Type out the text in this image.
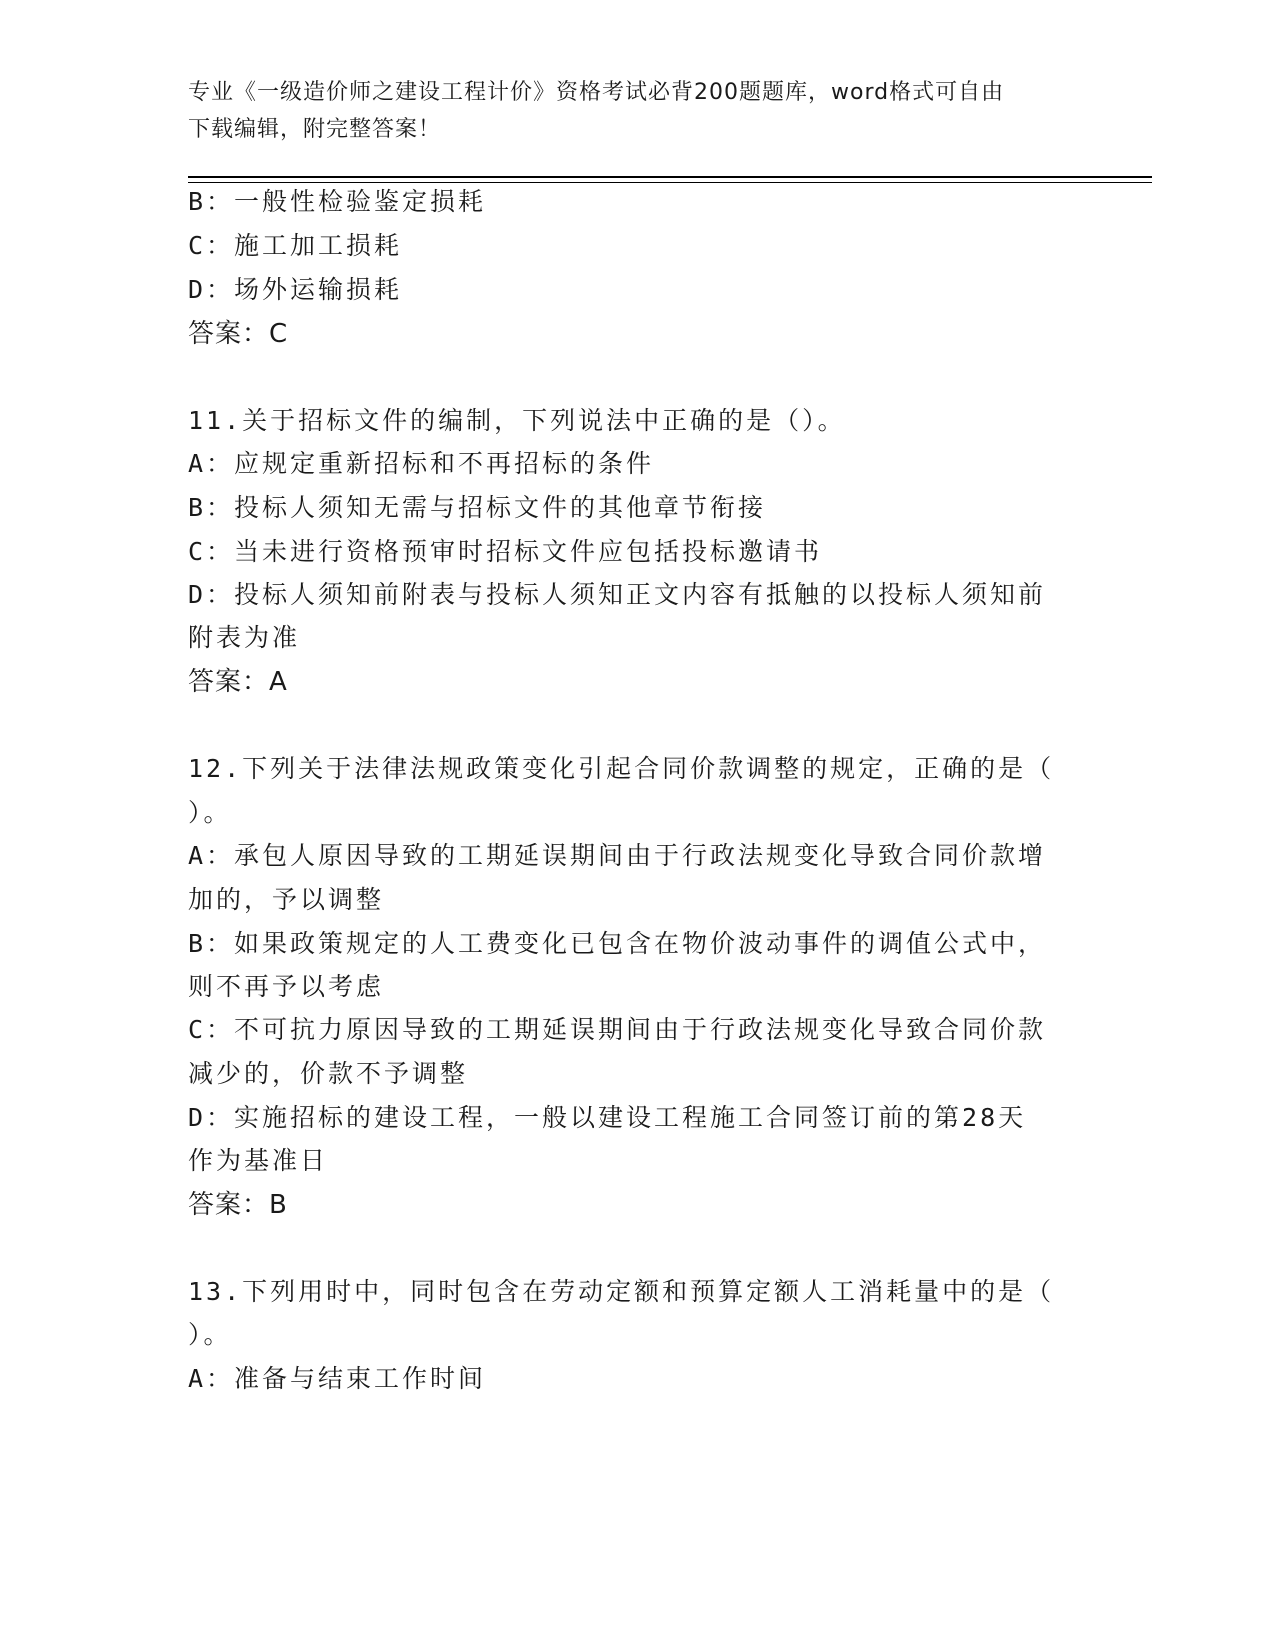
专业《一级造价师之建设工程计价》资格考试必背200题题库，word格式可自由
下载编辑，附完整答案！
B：一般性检验鉴定损耗
C：施工加工损耗
D：场外运输损耗
答案：C
11.关于招标文件的编制，下列说法中正确的是（）。
A：应规定重新招标和不再招标的条件
B：投标人须知无需与招标文件的其他章节衔接
C：当未进行资格预审时招标文件应包括投标邀请书
D：投标人须知前附表与投标人须知正文内容有抵触的以投标人须知前
附表为准
答案：A
12.下列关于法律法规政策变化引起合同价款调整的规定，正确的是（
）。
A：承包人原因导致的工期延误期间由于行政法规变化导致合同价款增
加的，予以调整
B：如果政策规定的人工费变化已包含在物价波动事件的调值公式中，
则不再予以考虑
C：不可抗力原因导致的工期延误期间由于行政法规变化导致合同价款
减少的，价款不予调整
D：实施招标的建设工程，一般以建设工程施工合同签订前的第28天
作为基准日
答案：B
13.下列用时中，同时包含在劳动定额和预算定额人工消耗量中的是（
）。
A：准备与结束工作时间
